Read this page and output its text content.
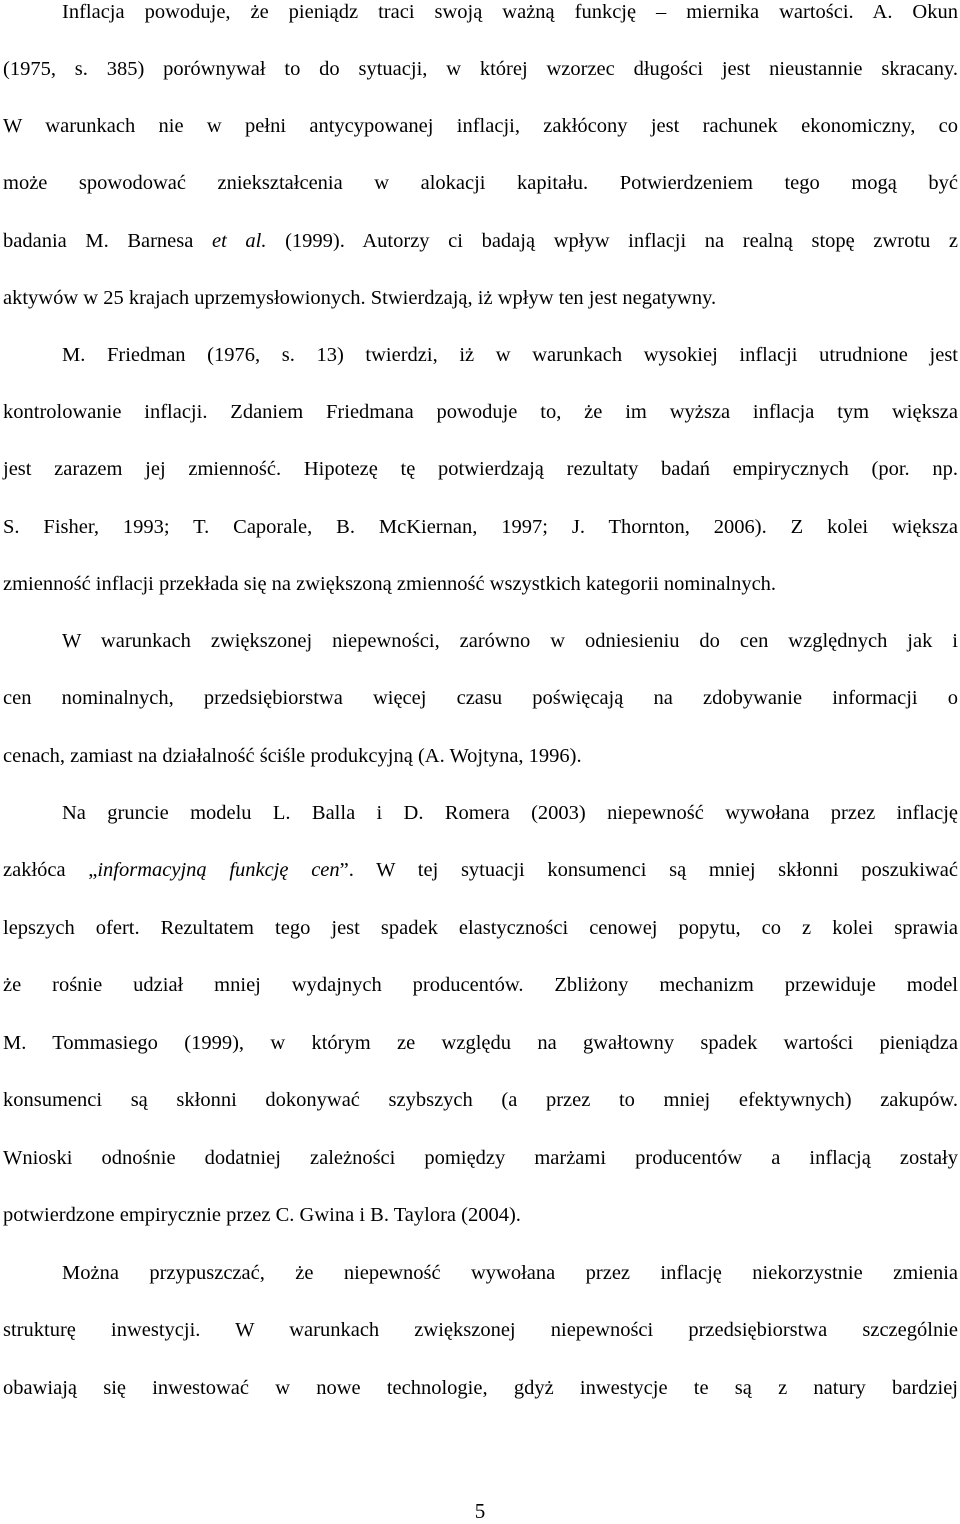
Inflacja powoduje, że pieniądz traci swoją ważną funkcję – miernika wartości. A. Okun
(1975, s. 385) porównywał to do sytuacji, w której wzorzec długości jest nieustannie skracany.
W warunkach nie w pełni antycypowanej inflacji, zakłócony jest rachunek ekonomiczny, co
może spowodować zniekształcenia w alokacji kapitału. Potwierdzeniem tego mogą być
badania M. Barnesa et al. (1999). Autorzy ci badają wpływ inflacji na realną stopę zwrotu z
aktywów w 25 krajach uprzemysłowionych. Stwierdzają, iż wpływ ten jest negatywny.
M. Friedman (1976, s. 13) twierdzi, iż w warunkach wysokiej inflacji utrudnione jest
kontrolowanie inflacji. Zdaniem Friedmana powoduje to, że im wyższa inflacja tym większa
jest zarazem jej zmienność. Hipotezę tę potwierdzają rezultaty badań empirycznych (por. np.
S. Fisher, 1993; T. Caporale, B. McKiernan, 1997; J. Thornton, 2006). Z kolei większa
zmienność inflacji przekłada się na zwiększoną zmienność wszystkich kategorii nominalnych.
W warunkach zwiększonej niepewności, zarówno w odniesieniu do cen względnych jak i
cen nominalnych, przedsiębiorstwa więcej czasu poświęcają na zdobywanie informacji o
cenach, zamiast na działalność ściśle produkcyjną (A. Wojtyna, 1996).
Na gruncie modelu L. Balla i D. Romera (2003) niepewność wywołana przez inflację
zakłóca „informacyjną funkcję cen”. W tej sytuacji konsumenci są mniej skłonni poszukiwać
lepszych ofert. Rezultatem tego jest spadek elastyczności cenowej popytu, co z kolei sprawia
że rośnie udział mniej wydajnych producentów. Zbliżony mechanizm przewiduje model
M. Tommasiego (1999), w którym ze względu na gwałtowny spadek wartości pieniądza
konsumenci są skłonni dokonywać szybszych (a przez to mniej efektywnych) zakupów.
Wnioski odnośnie dodatniej zależności pomiędzy marżami producentów a inflacją zostały
potwierdzone empirycznie przez C. Gwina i B. Taylora (2004).
Można przypuszczać, że niepewność wywołana przez inflację niekorzystnie zmienia
strukturę inwestycji. W warunkach zwiększonej niepewności przedsiębiorstwa szczególnie
obawiają się inwestować w nowe technologie, gdyż inwestycje te są z natury bardziej
5
